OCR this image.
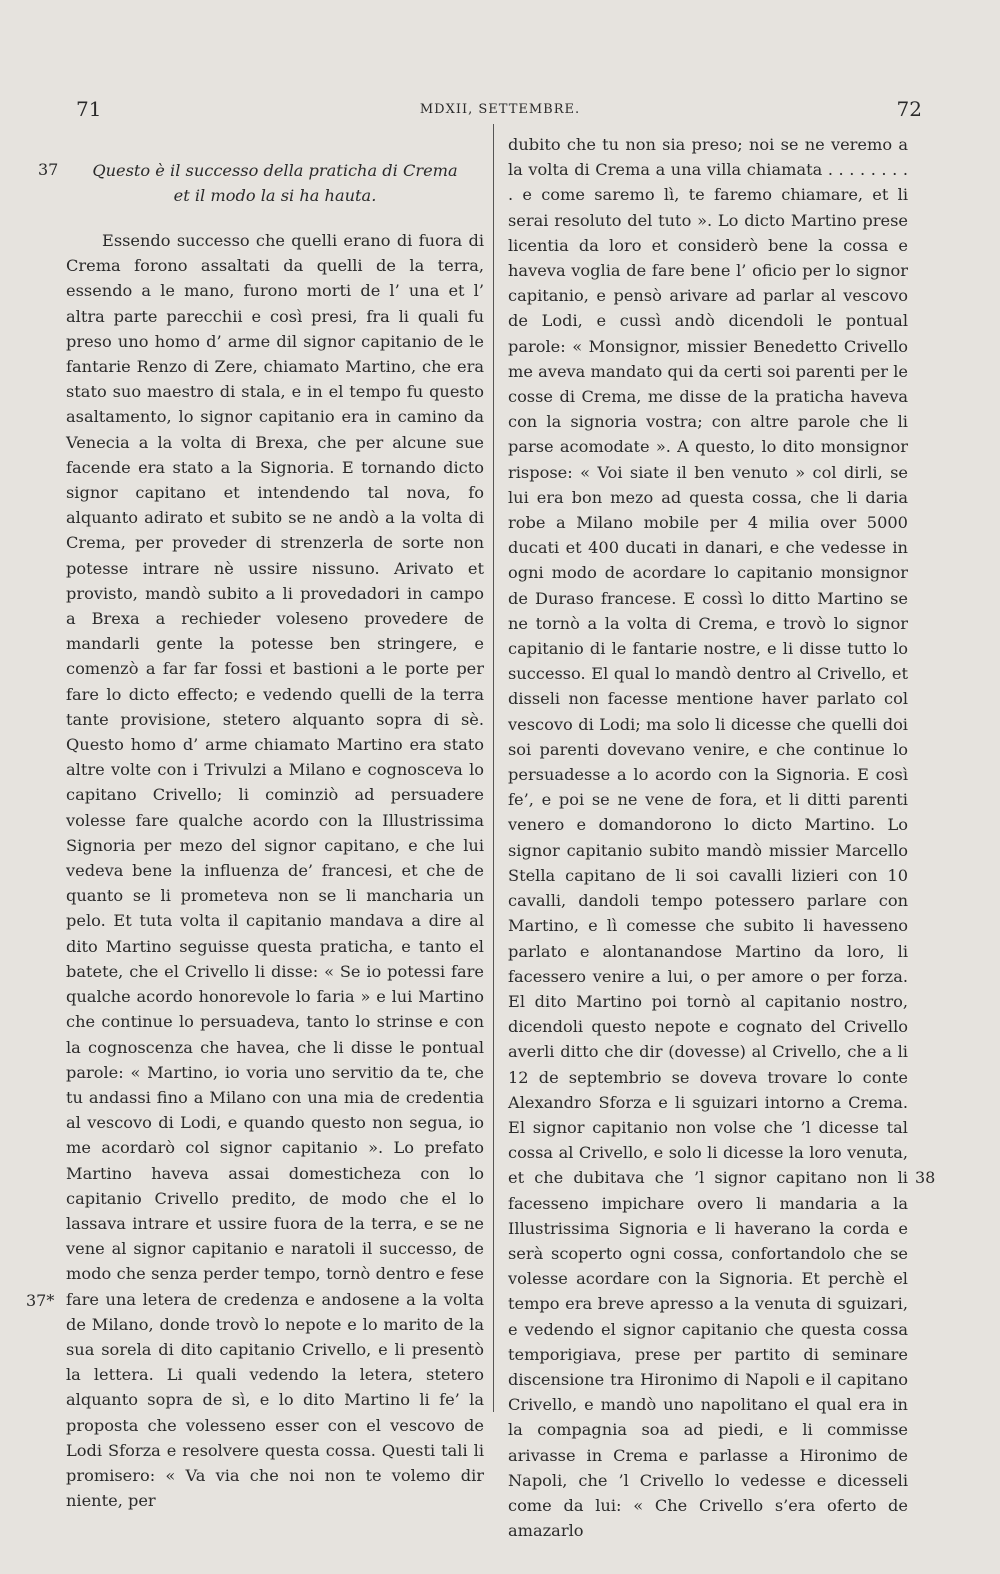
71	MDXII, SETTEMBRE.	72
37
37*
38
Questo è il successo della praticha di Crema
et il modo la si ha hauta.

Essendo successo che quelli erano di fuora di Crema forono assaltati da quelli de la terra, essendo a le mano, furono morti de l’ una et l’ altra parte parecchii e così presi, fra li quali fu preso uno homo d’ arme dil signor capitanio de le fantarie Renzo di Zere, chiamato Martino, che era stato suo maestro di stala, e in el tempo fu questo asaltamento, lo signor capitanio era in camino da Venecia a la volta di Brexa, che per alcune sue facende era stato a la Signoria. E tornando dicto signor capitano et intendendo tal nova, fo alquanto adirato et subito se ne andò a la volta di Crema, per proveder di strenzerla de sorte non potesse intrare nè ussire nissuno. Arivato et provisto, mandò subito a li provedadori in campo a Brexa a rechieder voleseno provedere de mandarli gente la potesse ben stringere, e comenzò a far far fossi et bastioni a le porte per fare lo dicto effecto; e vedendo quelli de la terra tante provisione, stetero alquanto sopra di sè. Questo homo d’ arme chiamato Martino era stato altre volte con i Trivulzi a Milano e cognosceva lo capitano Crivello; li cominziò ad persuadere volesse fare qualche acordo con la Illustrissima Signoria per mezo del signor capitano, e che lui vedeva bene la influenza de’ francesi, et che de quanto se li prometeva non se li mancharia un pelo. Et tuta volta il capitanio mandava a dire al dito Martino seguisse questa praticha, e tanto el batete, che el Crivello li disse: « Se io potessi fare qualche acordo honorevole lo faria » e lui Martino che continue lo persuadeva, tanto lo strinse e con la cognoscenza che havea, che li disse le pontual parole: « Martino, io voria uno servitio da te, che tu andassi fino a Milano con una mia de credentia al vescovo di Lodi, e quando questo non segua, io me acordarò col signor capitanio ». Lo prefato Martino haveva assai domesticheza con lo capitanio Crivello predito, de modo che el lo lassava intrare et ussire fuora de la terra, e se ne vene al signor capitanio e naratoli il successo, de modo che senza perder tempo, tornò dentro e fese fare una letera de credenza e andosene a la volta de Milano, donde trovò lo nepote e lo marito de la sua sorela di dito capitanio Crivello, e li presentò la lettera. Li quali vedendo la letera, stetero alquanto sopra de sì, e lo dito Martino li fe’ la proposta che volesseno esser con el vescovo de Lodi Sforza e resolvere questa cossa. Questi tali li promisero: « Va via che noi non te volemo dir niente, per

dubito che tu non sia preso; noi se ne veremo a la volta di Crema a una villa chiamata . . . . . . . . . e come saremo lì, te faremo chiamare, et li serai resoluto del tuto ». Lo dicto Martino prese licentia da loro et considerò bene la cossa e haveva voglia de fare bene l’ oficio per lo signor capitanio, e pensò arivare ad parlar al vescovo de Lodi, e cussì andò dicendoli le pontual parole: « Monsignor, missier Benedetto Crivello me aveva mandato qui da certi soi parenti per le cosse di Crema, me disse de la praticha haveva con la signoria vostra; con altre parole che li parse acomodate ». A questo, lo dito monsignor rispose: « Voi siate il ben venuto » col dirli, se lui era bon mezo ad questa cossa, che li daria robe a Milano mobile per 4 milia over 5000 ducati et 400 ducati in danari, e che vedesse in ogni modo de acordare lo capitanio monsignor de Duraso francese. E cossì lo ditto Martino se ne tornò a la volta di Crema, e trovò lo signor capitanio di le fantarie nostre, e li disse tutto lo successo. El qual lo mandò dentro al Crivello, et disseli non facesse mentione haver parlato col vescovo di Lodi; ma solo li dicesse che quelli doi soi parenti dovevano venire, e che continue lo persuadesse a lo acordo con la Signoria. E così fe’, e poi se ne vene de fora, et li ditti parenti venero e domandorono lo dicto Martino. Lo signor capitanio subito mandò missier Marcello Stella capitano de li soi cavalli lizieri con 10 cavalli, dandoli tempo potessero parlare con Martino, e lì comesse che subito li havesseno parlato e alontanandose Martino da loro, li facessero venire a lui, o per amore o per forza. El dito Martino poi tornò al capitanio nostro, dicendoli questo nepote e cognato del Crivello averli ditto che dir (dovesse) al Crivello, che a li 12 de septembrio se doveva trovare lo conte Alexandro Sforza e li sguizari intorno a Crema. El signor capitanio non volse che ’l dicesse tal cossa al Crivello, e solo li dicesse la loro venuta, et che dubitava che ’l signor capitano non li facesseno impichare overo li mandaria a la Illustrissima Signoria e li haverano la corda e serà scoperto ogni cossa, confortandolo che se volesse acordare con la Signoria. Et perchè el tempo era breve apresso a la venuta di sguizari, e vedendo el signor capitanio che questa cossa temporigiava, prese per partito di seminare discensione tra Hironimo di Napoli e il capitano Crivello, e mandò uno napolitano el qual era in la compagnia soa ad piedi, e li commisse arivasse in Crema e parlasse a Hironimo de Napoli, che ’l Crivello lo vedesse e dicesseli come da lui: « Che Crivello s’era oferto de amazarlo
